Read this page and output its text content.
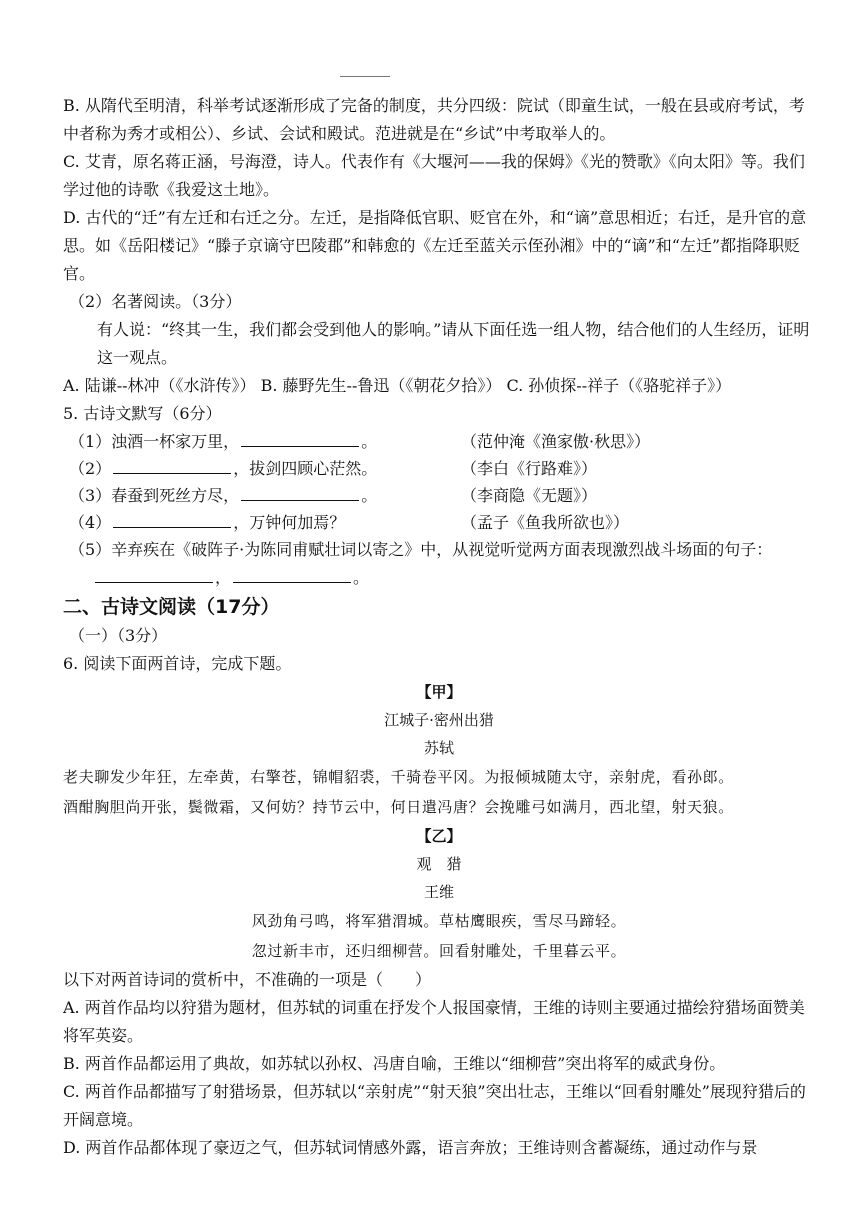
B. 从隋代至明清，科举考试逐渐形成了完备的制度，共分四级：院试（即童生试，一般在县或府考试，考中者称为秀才或相公）、乡试、会试和殿试。范进就是在“乡试”中考取举人的。
C. 艾青，原名蒋正涵，号海澄，诗人。代表作有《大堰河——我的保姆》《光的赞歌》《向太阳》等。我们学过他的诗歌《我爱这土地》。
D. 古代的“迁”有左迁和右迁之分。左迁，是指降低官职、贬官在外，和“谪”意思相近；右迁，是升官的意思。如《岳阳楼记》“滕子京谪守巴陵郡”和韩愈的《左迁至蓝关示侄孙湘》中的“谪”和“左迁”都指降职贬官。
（2）名著阅读。（3分）
有人说：“终其一生，我们都会受到他人的影响。”请从下面任选一组人物，结合他们的人生经历，证明这一观点。
A. 陆谦--林冲（《水浒传》） B. 藤野先生--鲁迅（《朝花夕拾》） C. 孙侦探--祥子（《骆驼祥子》）
5. 古诗文默写（6分）
（1）浊酒一杯家万里，	。	（范仲淹《渔家傲·秋思》）
（2）	，拔剑四顾心茫然。	（李白《行路难》）
（3）春蚕到死丝方尽，	。	（李商隐《无题》）
（4）	，万钟何加焉？	（孟子《鱼我所欲也》）
（5）辛弃疾在《破阵子·为陈同甫赋壮词以寄之》中，从视觉听觉两方面表现激烈战斗场面的句子：
，	。
二、古诗文阅读（17分）
（一）（3分）
6. 阅读下面两首诗，完成下题。
【甲】
江城子·密州出猎
苏轼
老夫聊发少年狂，左牵黄，右擎苍，锦帽貂裘，千骑卷平冈。为报倾城随太守，亲射虎，看孙郎。
酒酣胸胆尚开张，鬓微霜，又何妨？持节云中，何日遣冯唐？会挽雕弓如满月，西北望，射天狼。
【乙】
观　猎
王维
风劲角弓鸣，将军猎渭城。草枯鹰眼疾，雪尽马蹄轻。
忽过新丰市，还归细柳营。回看射雕处，千里暮云平。
以下对两首诗词的赏析中，不准确的一项是（　　）
A. 两首作品均以狩猎为题材，但苏轼的词重在抒发个人报国豪情，王维的诗则主要通过描绘狩猎场面赞美将军英姿。
B. 两首作品都运用了典故，如苏轼以孙权、冯唐自喻，王维以“细柳营”突出将军的威武身份。
C. 两首作品都描写了射猎场景，但苏轼以“亲射虎”“射天狼”突出壮志，王维以“回看射雕处”展现狩猎后的开阔意境。
D. 两首作品都体现了豪迈之气，但苏轼词情感外露，语言奔放；王维诗则含蓄凝练，通过动作与景
